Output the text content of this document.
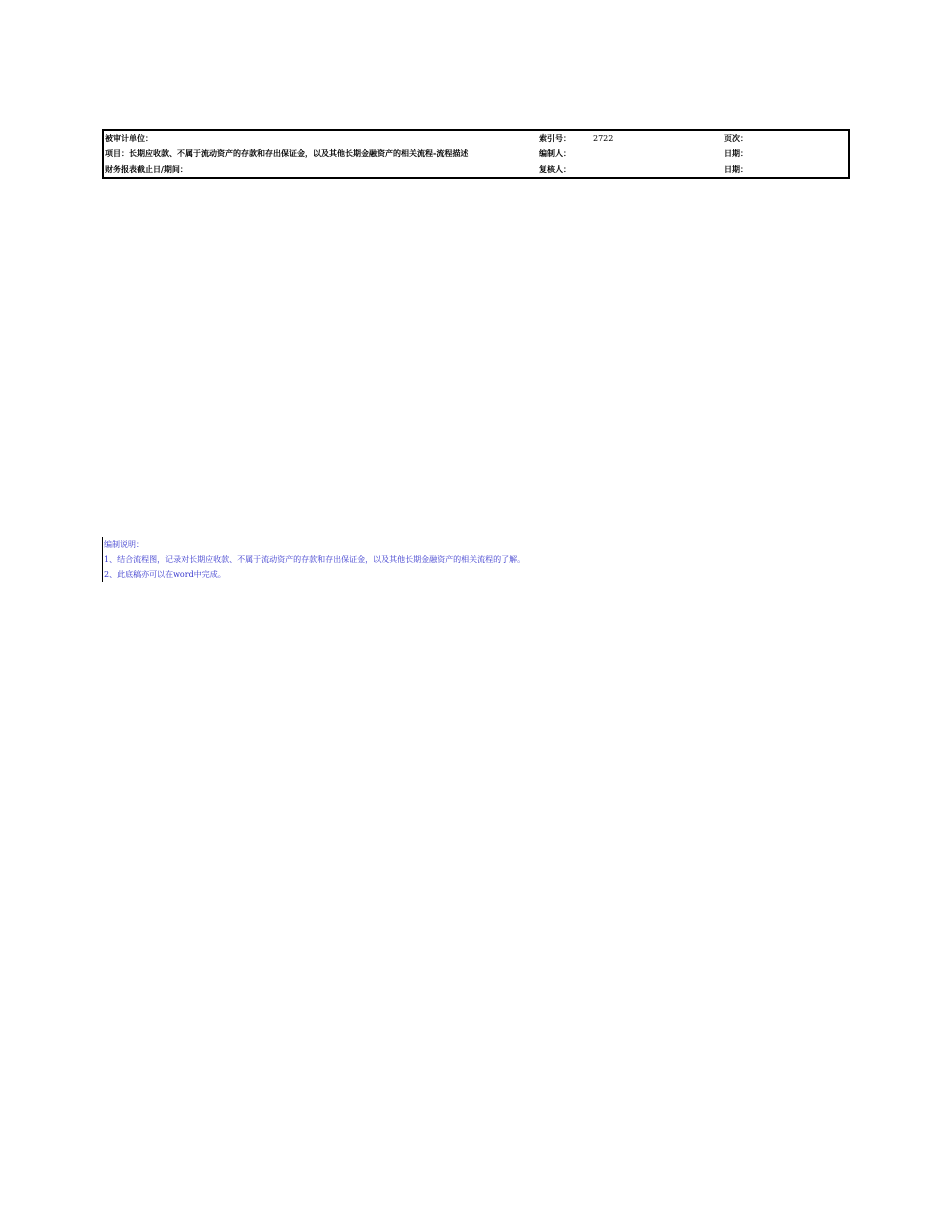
被审计单位：	索引号：	2722	页次：
项目：长期应收款、不属于流动资产的存款和存出保证金，以及其他长期金融资产的相关流程-流程描述	编制人：	日期：
财务报表截止日/期间：	复核人：	日期：
编制说明：
1、结合流程图，记录对长期应收款、不属于流动资产的存款和存出保证金，以及其他长期金融资产的相关流程的了解。
2、此底稿亦可以在word中完成。
